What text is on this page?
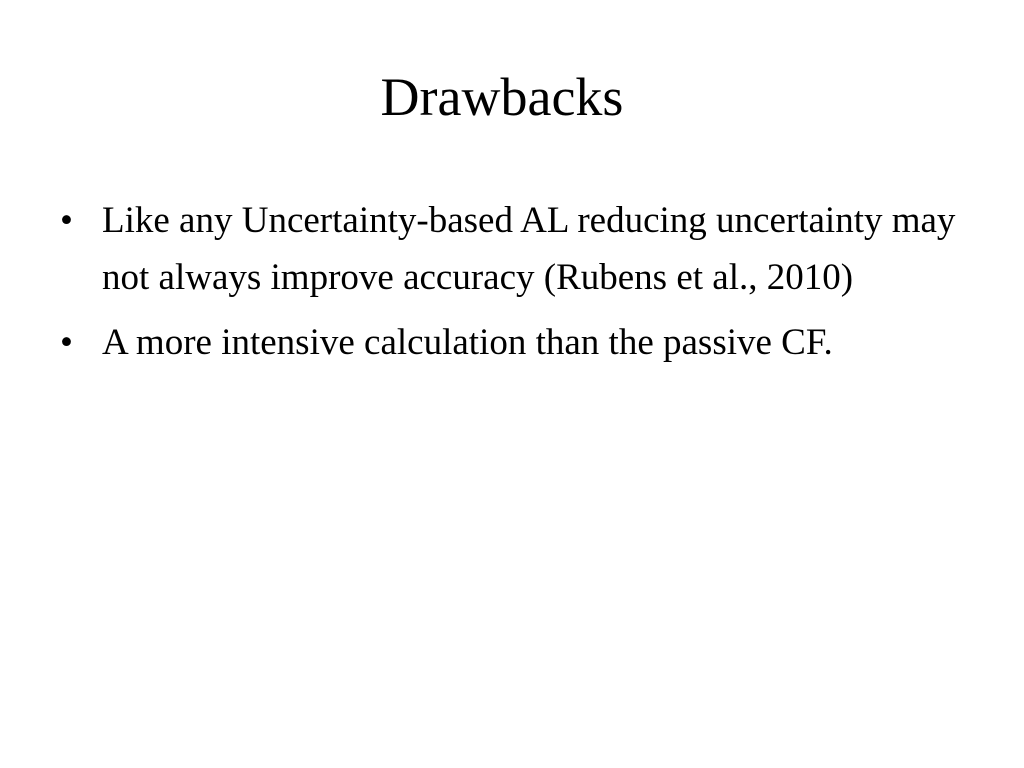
Drawbacks
• Like any Uncertainty-based AL reducing uncertainty may not always improve accuracy (Rubens et al., 2010)
• A more intensive calculation than the passive CF.
